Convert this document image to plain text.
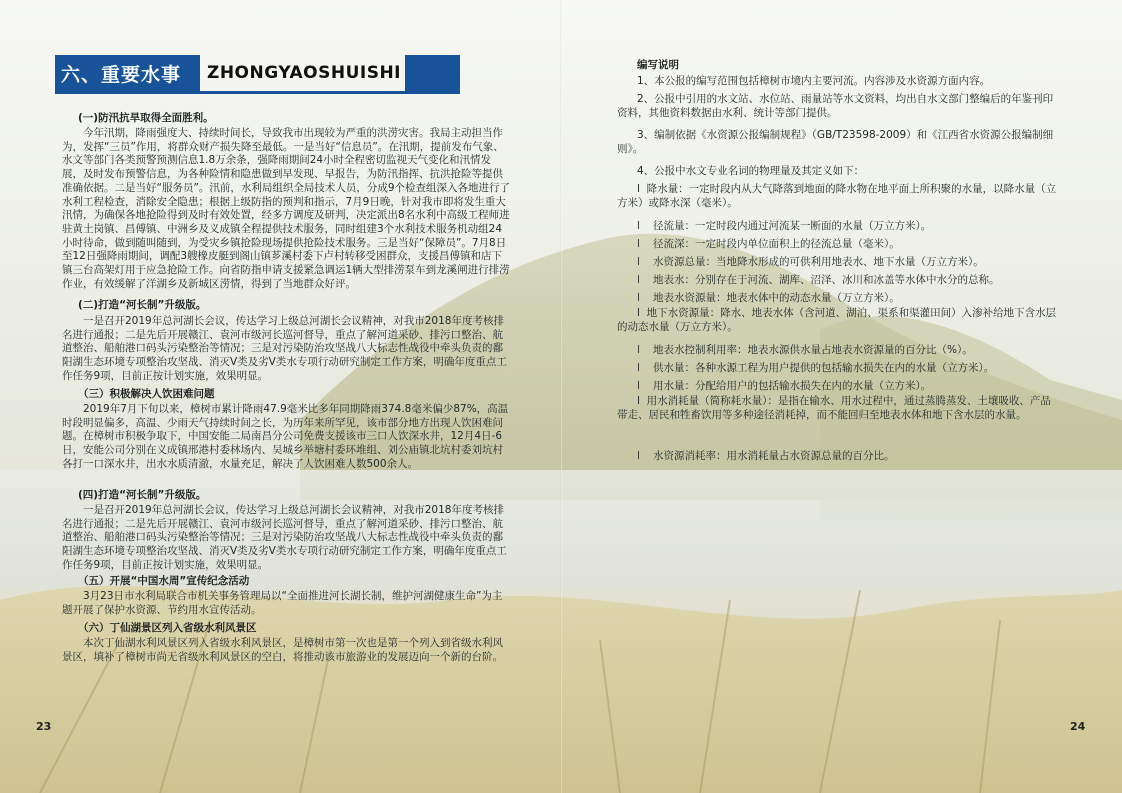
六、重要水事 ZHONGYAOSHUISHI
(一)防汛抗旱取得全面胜利。

今年汛期，降雨强度大、持续时间长，导致我市出现较为严重的洪涝灾害。我局主动担当作为，发挥“三员”作用，将群众财产损失降至最低。一是当好“信息员”。在汛期，提前发布气象、水文等部门各类预警预测信息1.8万余条，强降雨期间24小时全程密切监视天气变化和汛情发展，及时发布预警信息，为各种险情和隐患做到早发现、早报告，为防汛指挥、抗洪抢险等提供准确依据。二是当好“服务员”。汛前，水利局组织全局技术人员，分成9个检查组深入各地进行了水利工程检查，消除安全隐患；根据上级防指的预判和指示，7月9日晚，针对我市即将发生重大汛情，为确保各地抢险得到及时有效处置，经多方调度及研判，决定派出8名水利中高级工程师进驻黄土岗镇、昌傅镇、中洲乡及义成镇全程提供技术服务，同时组建3个水利技术服务机动组24小时待命，做到随叫随到，为受灾乡镇抢险现场提供抢险技术服务。三是当好“保障员”。7月8日至12日强降雨期间，调配3艘橡皮艇到阁山镇芗溪村委下卢村转移受困群众，支援昌傅镇和店下镇三台高架灯用于应急抢险工作。向省防指申请支援紧急调运1辆大型排涝泵车到龙溪闸进行排涝作业，有效缓解了洋湖乡及新城区涝情，得到了当地群众好评。

(二)打造“河长制”升级版。

一是召开2019年总河湖长会议，传达学习上级总河湖长会议精神，对我市2018年度考核排名进行通报；二是先后开展赣江、袁河市级河长巡河督导，重点了解河道采砂、排污口整治、航道整治、船舶港口码头污染整治等情况；三是对污染防治攻坚战八大标志性战役中牵头负责的鄱阳湖生态环境专项整治攻坚战、消灭V类及劣V类水专项行动研究制定工作方案，明确年度重点工作任务9项，目前正按计划实施，效果明显。

（三）积极解决人饮困难问题

2019年7月下旬以来，樟树市累计降雨47.9毫米比多年同期降雨374.8毫米偏少87%，高温时段明显偏多，高温、少雨天气持续时间之长，为历年来所罕见，该市部分地方出现人饮困难问题。在樟树市积极争取下，中国安能二局南昌分公司免费支援该市三口人饮深水井，12月4日-6日，安能公司分别在义成镇邢港村委林场内、吴城乡举塘村委环堆组、刘公庙镇北坑村委刘坑村各打一口深水井，出水水质清澈，水量充足，解决了人饮困难人数500余人。

(四)打造“河长制”升级版。

一是召开2019年总河湖长会议，传达学习上级总河湖长会议精神，对我市2018年度考核排名进行通报；二是先后开展赣江、袁河市级河长巡河督导，重点了解河道采砂、排污口整治、航道整治、船舶港口码头污染整治等情况；三是对污染防治攻坚战八大标志性战役中牵头负责的鄱阳湖生态环境专项整治攻坚战、消灭V类及劣V类水专项行动研究制定工作方案，明确年度重点工作任务9项，目前正按计划实施，效果明显。

（五）开展“中国水周”宣传纪念活动

3月23日市水利局联合市机关事务管理局以“全面推进河长湖长制，维护河湖健康生命”为主题开展了保护水资源、节约用水宣传活动。

（六）丁仙湖景区列入省级水利风景区

本次丁仙湖水利风景区列入省级水利风景区，是樟树市第一次也是第一个列入到省级水利风景区，填补了樟树市尚无省级水利风景区的空白，将推动该市旅游业的发展迈向一个新的台阶。

23
编写说明
1、本公报的编写范围包括樟树市境内主要河流。内容涉及水资源方面内容。
2、公报中引用的水文站、水位站、雨量站等水文资料，均出自水文部门整编后的年鉴刊印资料，其他资料数据由水利、统计等部门提供。
3、编制依据《水资源公报编制规程》（GB/T23598-2009）和《江西省水资源公报编制细则》。
4、公报中水文专业名词的物理量及其定义如下：
l 降水量：一定时段内从大气降落到地面的降水物在地平面上所积聚的水量，以降水量（立方米）或降水深（毫米）。
l 径流量：一定时段内通过河流某一断面的水量（万立方米）。
l 径流深：一定时段内单位面积上的径流总量（毫米）。
l 水资源总量：当地降水形成的可供利用地表水、地下水量（万立方米）。
l 地表水：分别存在于河流、湖库、沼泽、冰川和冰盖等水体中水分的总称。
l 地表水资源量：地表水体中的动态水量（万立方米）。
l 地下水资源量：降水、地表水体（含河道、湖泊、渠系和渠灌田间）入渗补给地下含水层的动态水量（万立方米）。
l 地表水控制利用率：地表水源供水量占地表水资源量的百分比（%）。
l 供水量：各种水源工程为用户提供的包括输水损失在内的水量（立方米）。
l 用水量：分配给用户的包括输水损失在内的水量（立方米）。
l 用水消耗量（简称耗水量）：是指在输水、用水过程中，通过蒸腾蒸发、土壤吸收、产品带走、居民和牲畜饮用等多种途径消耗掉，而不能回归至地表水体和地下含水层的水量。
l 水资源消耗率：用水消耗量占水资源总量的百分比。
24
